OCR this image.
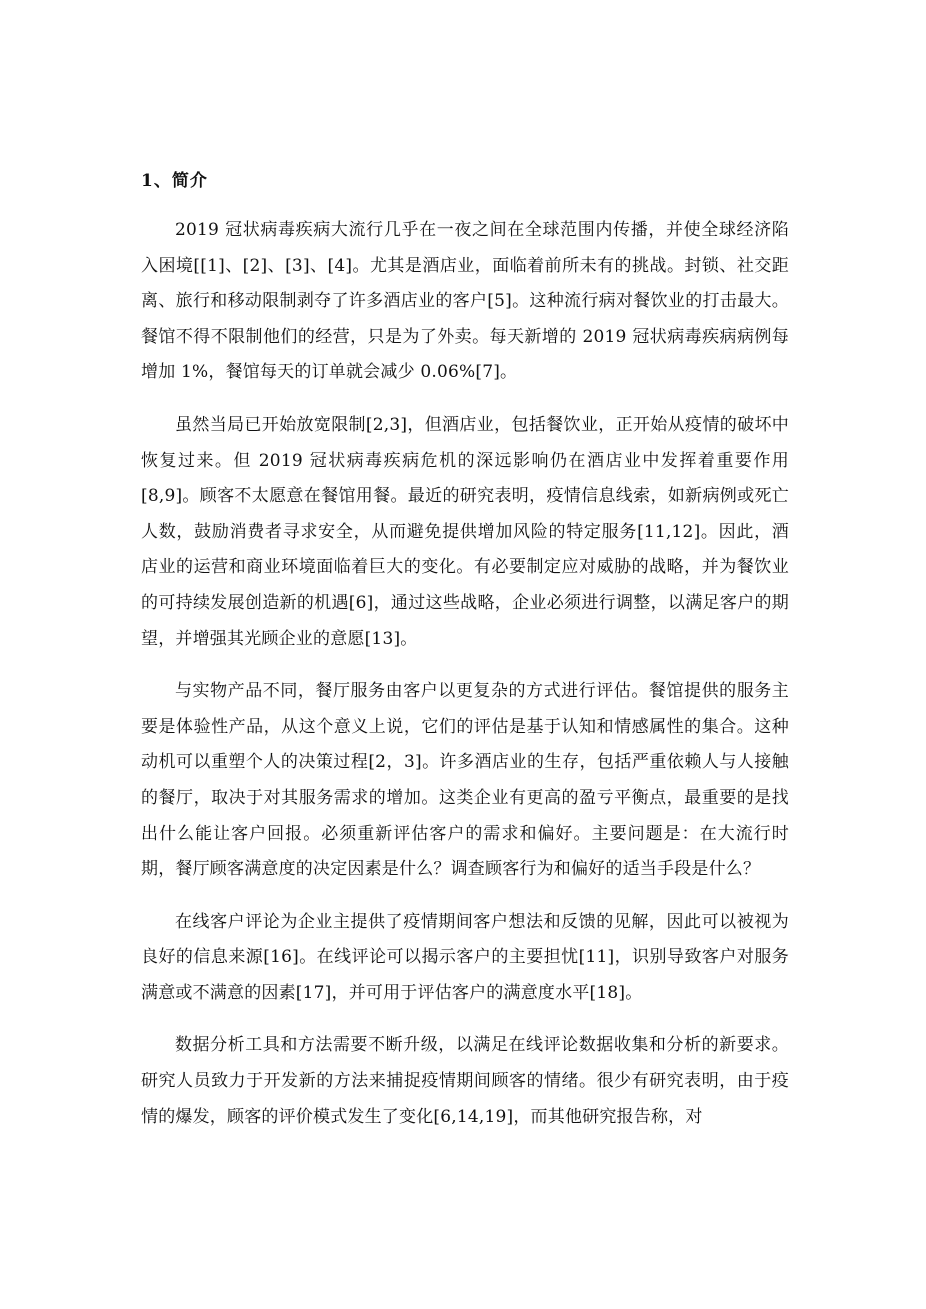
1、简介

2019 冠状病毒疾病大流行几乎在一夜之间在全球范围内传播，并使全球经济陷入困境[[1]、[2]、[3]、[4]。尤其是酒店业，面临着前所未有的挑战。封锁、社交距离、旅行和移动限制剥夺了许多酒店业的客户[5]。这种流行病对餐饮业的打击最大。餐馆不得不限制他们的经营，只是为了外卖。每天新增的 2019 冠状病毒疾病病例每增加 1%，餐馆每天的订单就会减少 0.06%[7]。

虽然当局已开始放宽限制[2,3]，但酒店业，包括餐饮业，正开始从疫情的破坏中恢复过来。但 2019 冠状病毒疾病危机的深远影响仍在酒店业中发挥着重要作用[8,9]。顾客不太愿意在餐馆用餐。最近的研究表明，疫情信息线索，如新病例或死亡人数，鼓励消费者寻求安全，从而避免提供增加风险的特定服务[11,12]。因此，酒店业的运营和商业环境面临着巨大的变化。有必要制定应对威胁的战略，并为餐饮业的可持续发展创造新的机遇[6]，通过这些战略，企业必须进行调整，以满足客户的期望，并增强其光顾企业的意愿[13]。

与实物产品不同，餐厅服务由客户以更复杂的方式进行评估。餐馆提供的服务主要是体验性产品，从这个意义上说，它们的评估是基于认知和情感属性的集合。这种动机可以重塑个人的决策过程[2，3]。许多酒店业的生存，包括严重依赖人与人接触的餐厅，取决于对其服务需求的增加。这类企业有更高的盈亏平衡点，最重要的是找出什么能让客户回报。必须重新评估客户的需求和偏好。主要问题是：在大流行时期，餐厅顾客满意度的决定因素是什么？调查顾客行为和偏好的适当手段是什么？

在线客户评论为企业主提供了疫情期间客户想法和反馈的见解，因此可以被视为良好的信息来源[16]。在线评论可以揭示客户的主要担忧[11]，识别导致客户对服务满意或不满意的因素[17]，并可用于评估客户的满意度水平[18]。

数据分析工具和方法需要不断升级，以满足在线评论数据收集和分析的新要求。研究人员致力于开发新的方法来捕捉疫情期间顾客的情绪。很少有研究表明，由于疫情的爆发，顾客的评价模式发生了变化[6,14,19]，而其他研究报告称，对
